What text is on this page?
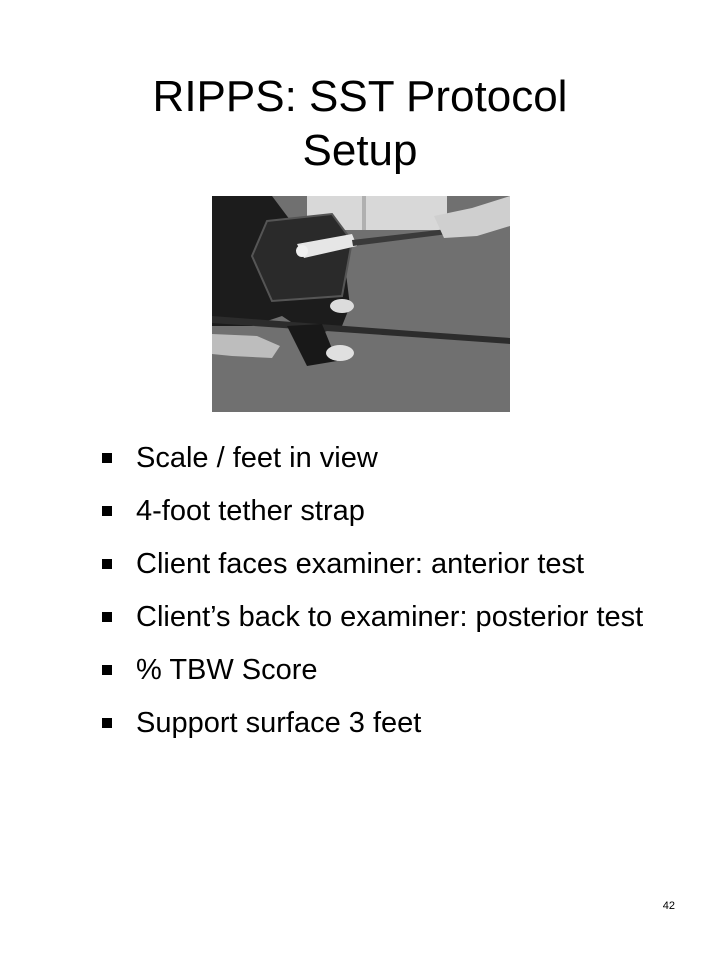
RIPPS: SST Protocol
Setup
Scale / feet in view
4-foot tether strap
Client faces examiner: anterior test
Client’s back to examiner: posterior test
% TBW Score
Support surface 3 feet
42
